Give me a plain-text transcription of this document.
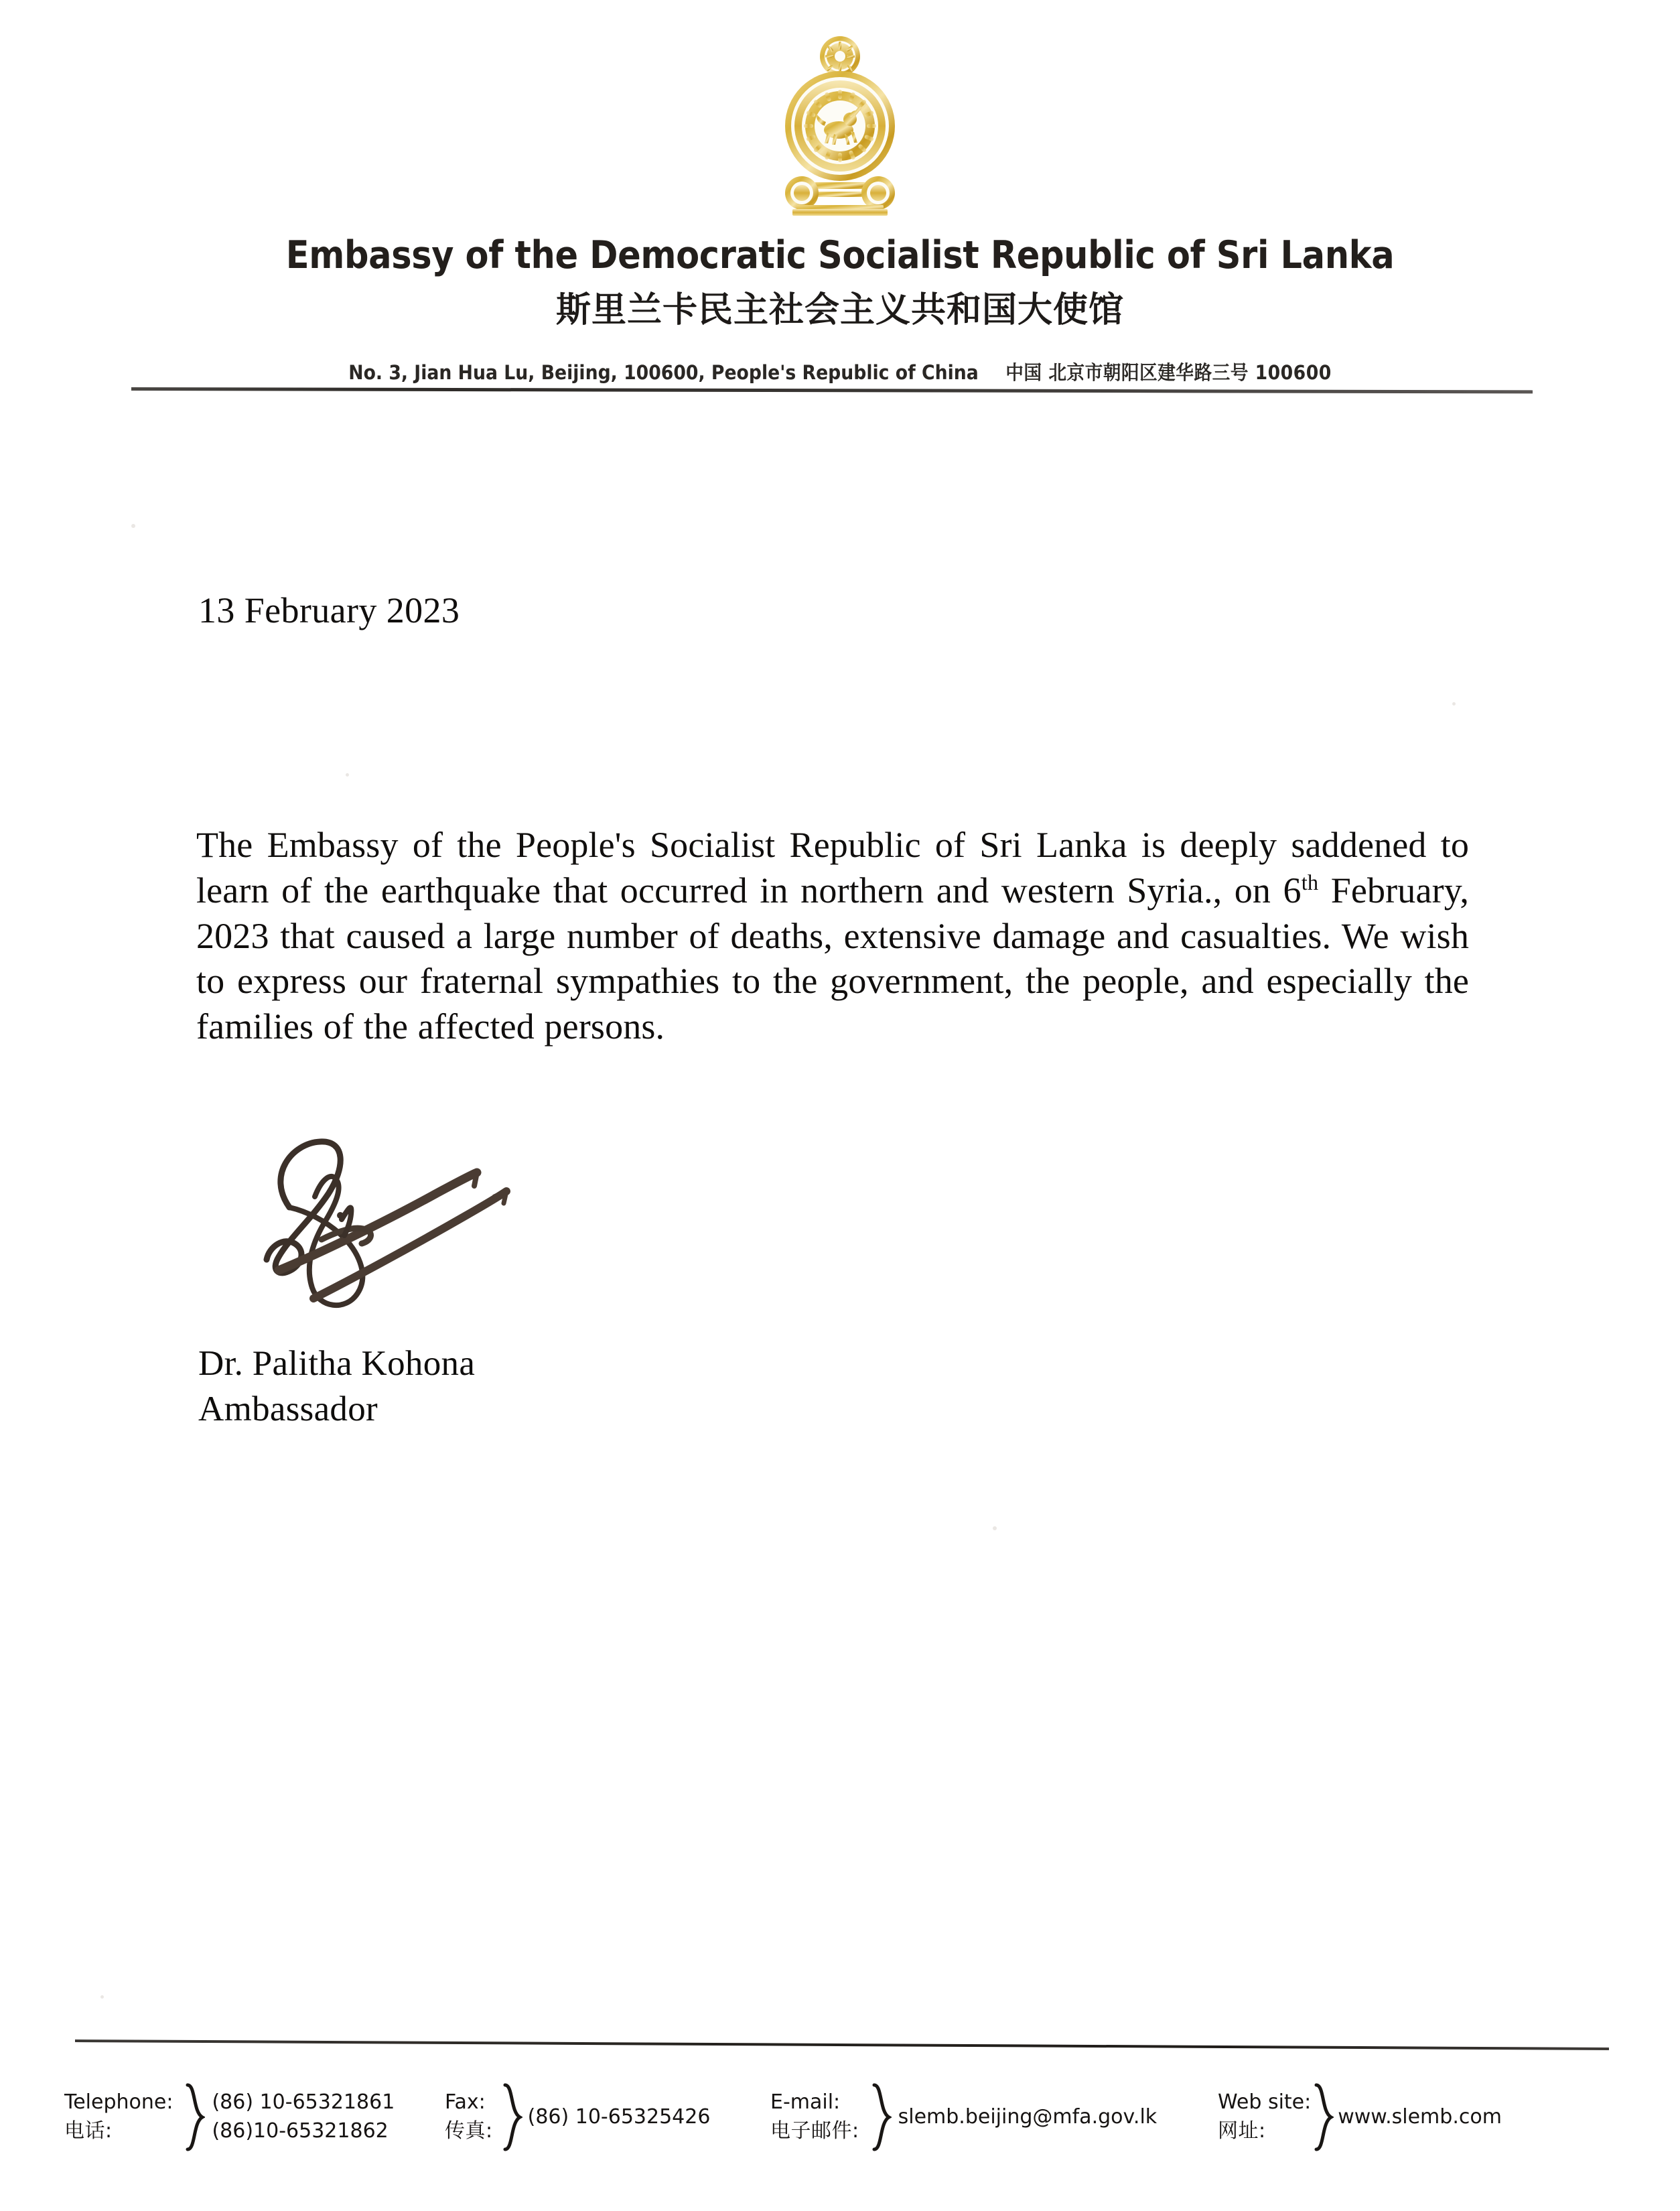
Embassy of the Democratic Socialist Republic of Sri Lanka
斯里兰卡民主社会主义共和国大使馆
No. 3, Jian Hua Lu, Beijing, 100600, People's Republic of China 中国 北京市朝阳区建华路三号 100600
13 February 2023
The Embassy of the People's Socialist Republic of Sri Lanka is deeply saddened to learn of the earthquake that occurred in northern and western Syria., on 6th February, 2023 that caused a large number of deaths, extensive damage and casualties. We wish to express our fraternal sympathies to the government, the people, and especially the families of the affected persons.
Dr. Palitha Kohona
Ambassador
Telephone:
电话:
(86) 10-65321861
(86)10-65321862
Fax:
传真:
(86) 10-65325426
E-mail:
电子邮件:
slemb.beijing@mfa.gov.lk
Web site:
网址:
www.slemb.com
